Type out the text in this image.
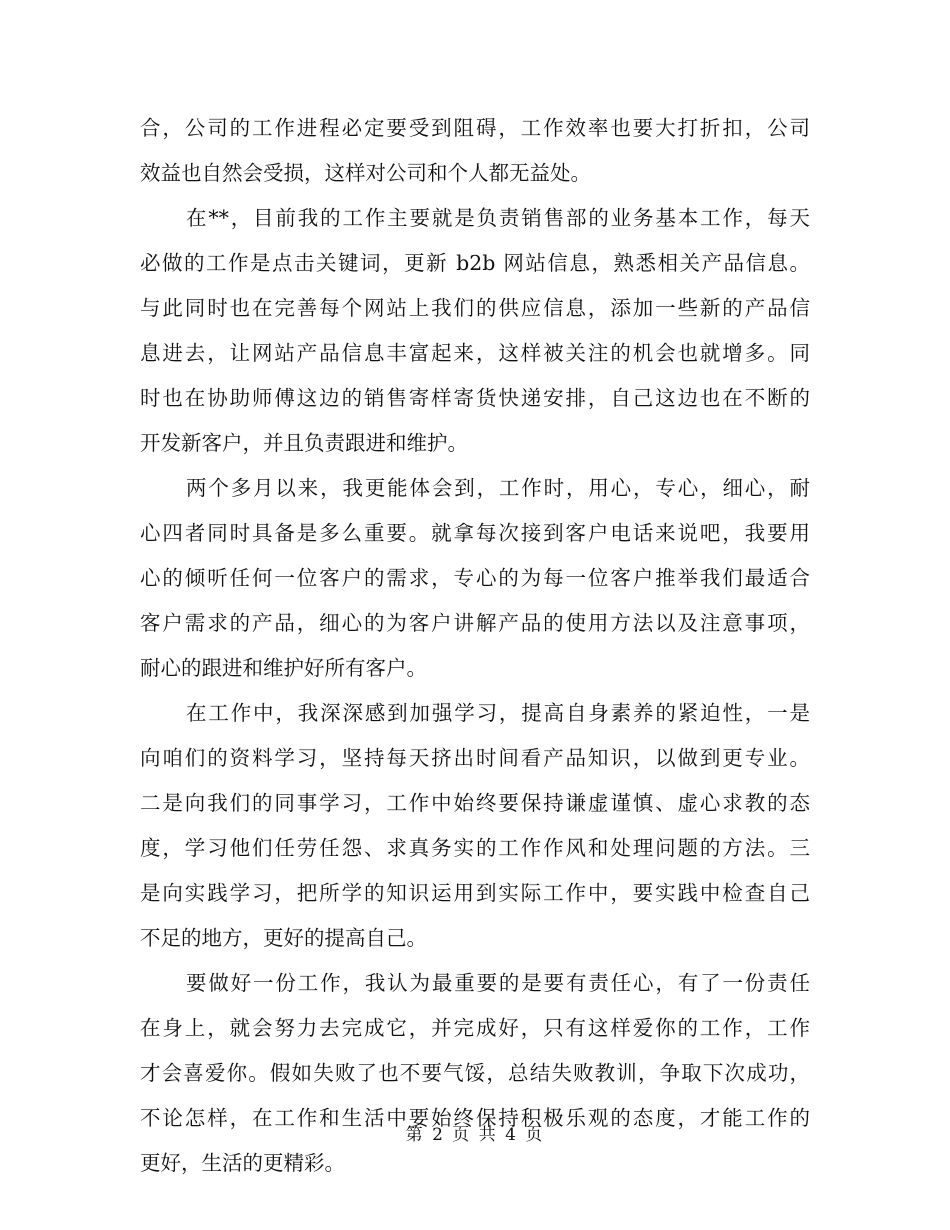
合，公司的工作进程必定要受到阻碍，工作效率也要大打折扣，公司
效益也自然会受损，这样对公司和个人都无益处。
在**，目前我的工作主要就是负责销售部的业务基本工作，每天
必做的工作是点击关键词，更新 b2b 网站信息，熟悉相关产品信息。
与此同时也在完善每个网站上我们的供应信息，添加一些新的产品信
息进去，让网站产品信息丰富起来，这样被关注的机会也就增多。同
时也在协助师傅这边的销售寄样寄货快递安排，自己这边也在不断的
开发新客户，并且负责跟进和维护。
两个多月以来，我更能体会到，工作时，用心，专心，细心，耐
心四者同时具备是多么重要。就拿每次接到客户电话来说吧，我要用
心的倾听任何一位客户的需求，专心的为每一位客户推举我们最适合
客户需求的产品，细心的为客户讲解产品的使用方法以及注意事项，
耐心的跟进和维护好所有客户。
在工作中，我深深感到加强学习，提高自身素养的紧迫性，一是
向咱们的资料学习，坚持每天挤出时间看产品知识，以做到更专业。
二是向我们的同事学习，工作中始终要保持谦虚谨慎、虚心求教的态
度，学习他们任劳任怨、求真务实的工作作风和处理问题的方法。三
是向实践学习，把所学的知识运用到实际工作中，要实践中检查自己
不足的地方，更好的提高自己。
要做好一份工作，我认为最重要的是要有责任心，有了一份责任
在身上，就会努力去完成它，并完成好，只有这样爱你的工作，工作
才会喜爱你。假如失败了也不要气馁，总结失败教训，争取下次成功，
不论怎样，在工作和生活中要始终保持积极乐观的态度，才能工作的
更好，生活的更精彩。
第 2 页 共 4 页
